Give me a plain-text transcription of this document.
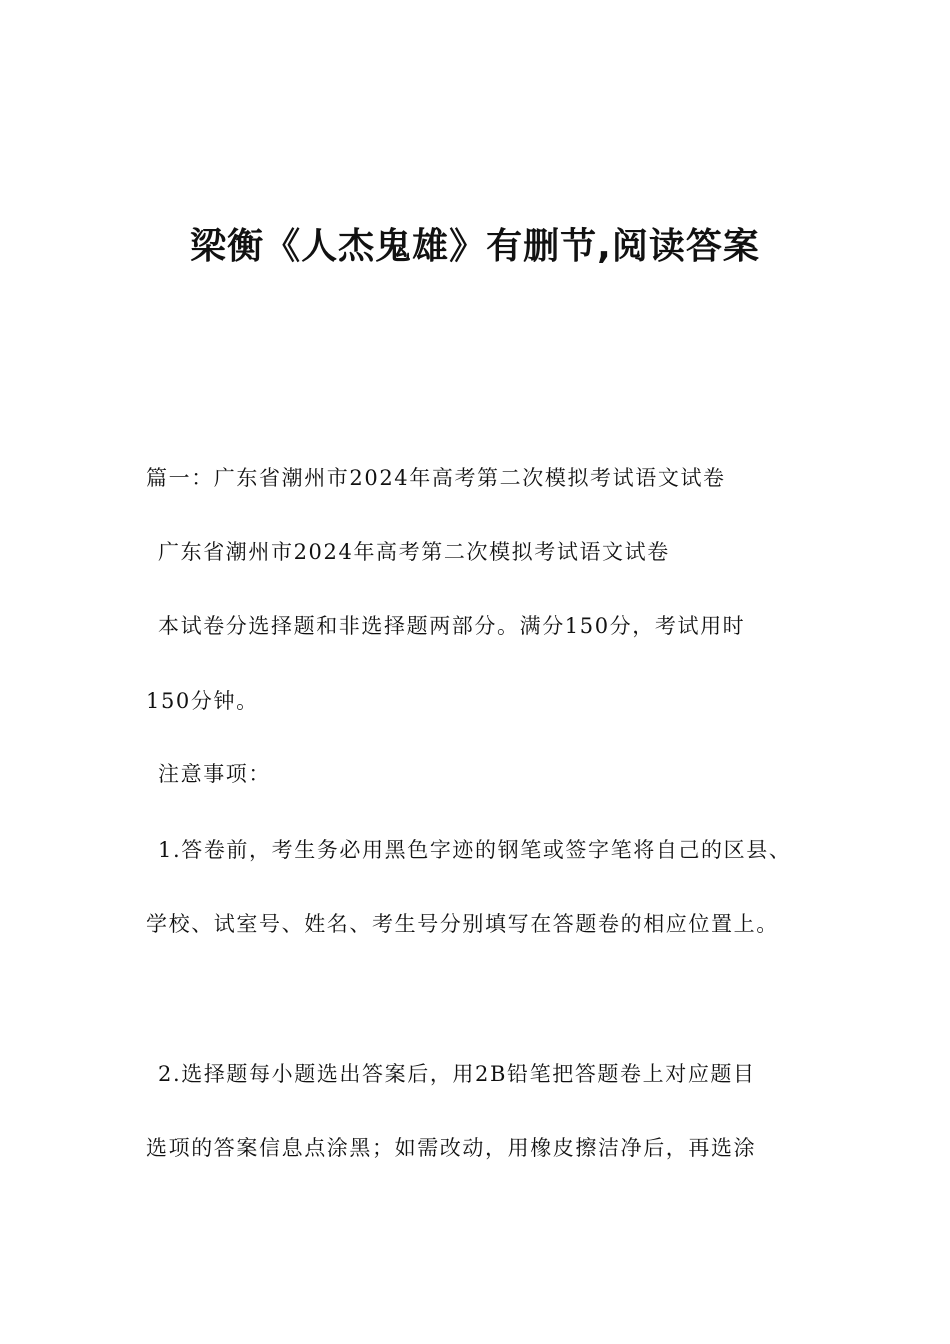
梁衡《人杰鬼雄》有删节,阅读答案
篇一：广东省潮州市2024年高考第二次模拟考试语文试卷
广东省潮州市2024年高考第二次模拟考试语文试卷
本试卷分选择题和非选择题两部分。满分150分，考试用时
150分钟。
注意事项：
1.答卷前，考生务必用黑色字迹的钢笔或签字笔将自己的区县、
学校、试室号、姓名、考生号分别填写在答题卷的相应位置上。
2.选择题每小题选出答案后，用2B铅笔把答题卷上对应题目
选项的答案信息点涂黑；如需改动，用橡皮擦洁净后，再选涂
